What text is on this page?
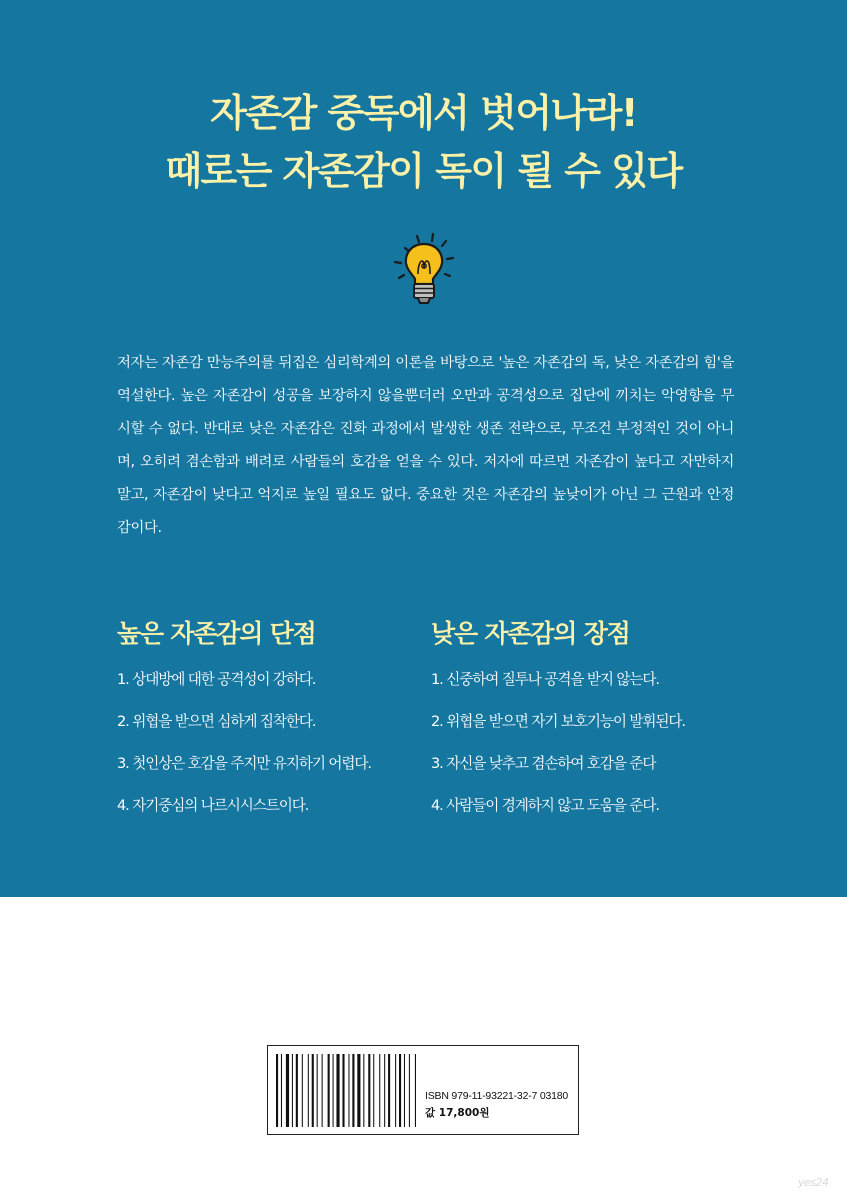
자존감 중독에서 벗어나라!
때로는 자존감이 독이 될 수 있다

저자는 자존감 만능주의를 뒤집은 심리학계의 이론을 바탕으로 '높은 자존감의 독, 낮은 자존감의 힘'을 역설한다. 높은 자존감이 성공을 보장하지 않을뿐더러 오만과 공격성으로 집단에 끼치는 악영향을 무시할 수 없다. 반대로 낮은 자존감은 진화 과정에서 발생한 생존 전략으로, 무조건 부정적인 것이 아니며, 오히려 겸손함과 배려로 사람들의 호감을 얻을 수 있다. 저자에 따르면 자존감이 높다고 자만하지 말고, 자존감이 낮다고 억지로 높일 필요도 없다. 중요한 것은 자존감의 높낮이가 아닌 그 근원과 안정감이다.

높은 자존감의 단점
1. 상대방에 대한 공격성이 강하다.
2. 위협을 받으면 심하게 집착한다.
3. 첫인상은 호감을 주지만 유지하기 어렵다.
4. 자기중심의 나르시시스트이다.
낮은 자존감의 장점
1. 신중하여 질투나 공격을 받지 않는다.
2. 위협을 받으면 자기 보호기능이 발휘된다.
3. 자신을 낮추고 겸손하여 호감을 준다
4. 사람들이 경계하지 않고 도움을 준다.
ISBN 979-11-93221-32-7 03180
값 17,800원
yes24
